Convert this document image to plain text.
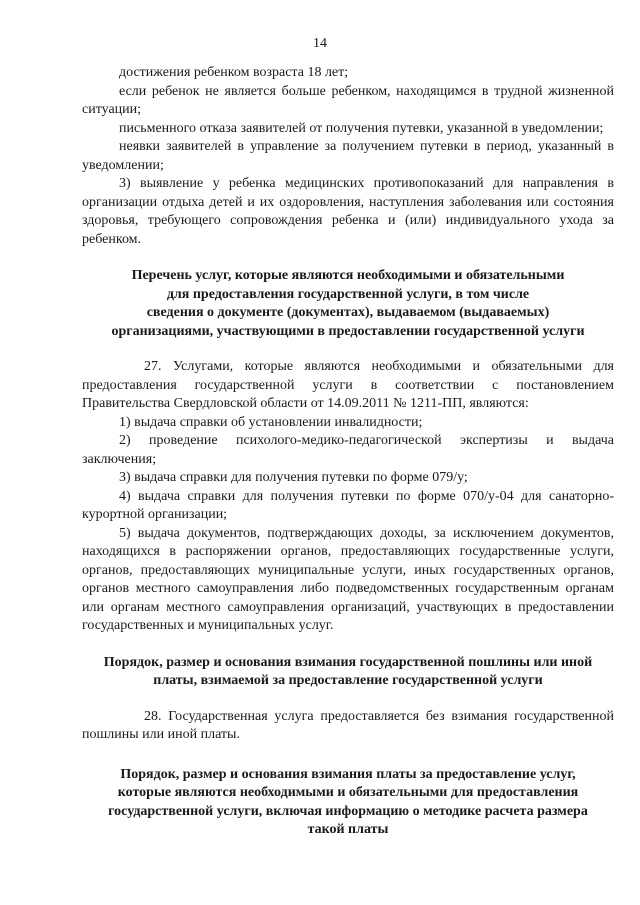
14

достижения ребенком возраста 18 лет;

если ребенок не является больше ребенком, находящимся в трудной жизненной ситуации;

письменного отказа заявителей от получения путевки, указанной в уведомлении;

неявки заявителей в управление за получением путевки в период, указанный в уведомлении;

3) выявление у ребенка медицинских противопоказаний для направления в организации отдыха детей и их оздоровления, наступления заболевания или состояния здоровья, требующего сопровождения ребенка и (или) индивидуального ухода за ребенком.

Перечень услуг, которые являются необходимыми и обязательными

для предоставления государственной услуги, в том числе

сведения о документе (документах), выдаваемом (выдаваемых)

организациями, участвующими в предоставлении государственной услуги

27. Услугами, которые являются необходимыми и обязательными для предоставления государственной услуги в соответствии с постановлением Правительства Свердловской области от 14.09.2011 № 1211-ПП, являются:

1) выдача справки об установлении инвалидности;

2) проведение психолого-медико-педагогической экспертизы и выдача заключения;

3) выдача справки для получения путевки по форме 079/у;

4) выдача справки для получения путевки по форме 070/у-04 для санаторно-курортной организации;

5) выдача документов, подтверждающих доходы, за исключением документов, находящихся в распоряжении органов, предоставляющих государственные услуги, органов, предоставляющих муниципальные услуги, иных государственных органов, органов местного самоуправления либо подведомственных государственным органам или органам местного самоуправления организаций, участвующих в предоставлении государственных и муниципальных услуг.

Порядок, размер и основания взимания государственной пошлины или иной

платы, взимаемой за предоставление государственной услуги

28. Государственная услуга предоставляется без взимания государственной пошлины или иной платы.

Порядок, размер и основания взимания платы за предоставление услуг,

которые являются необходимыми и обязательными для предоставления

государственной услуги, включая информацию о методике расчета размера

такой платы
